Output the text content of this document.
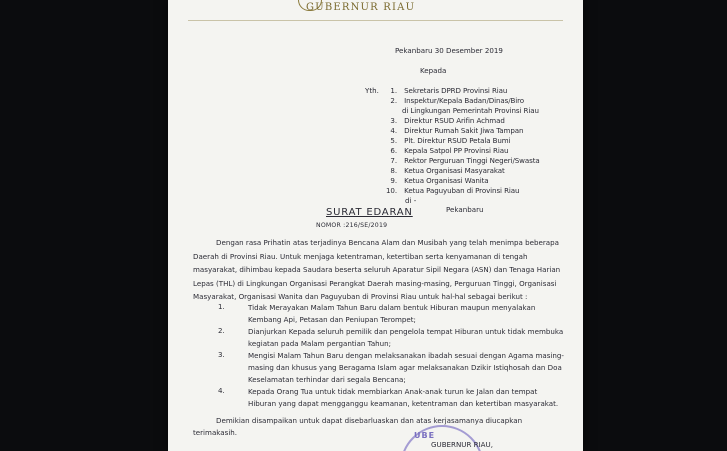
GUBERNUR RIAU
Pekanbaru 30 Desember 2019
Kepada
Yth.	1. Sekretaris DPRD Provinsi Riau
2. Inspektur/Kepala Badan/Dinas/Biro
di Lingkungan Pemerintah Provinsi Riau
3. Direktur RSUD Arifin Achmad
4. Direktur Rumah Sakit Jiwa Tampan
5. Plt. Direktur RSUD Petala Bumi
6. Kepala Satpol PP Provinsi Riau
7. Rektor Perguruan Tinggi Negeri/Swasta
8. Ketua Organisasi Masyarakat
9. Ketua Organisasi Wanita
10. Ketua Paguyuban di Provinsi Riau
di -
Pekanbaru
SURAT EDARAN
NOMOR :216/SE/2019
Dengan rasa Prihatin atas terjadinya Bencana Alam dan Musibah yang telah menimpa beberapa Daerah di Provinsi Riau. Untuk menjaga ketentraman, ketertiban serta kenyamanan di tengah masyarakat, dihimbau kepada Saudara beserta seluruh Aparatur Sipil Negara (ASN) dan Tenaga Harian Lepas (THL) di Lingkungan Organisasi Perangkat Daerah masing-masing, Perguruan Tinggi, Organisasi Masyarakat, Organisasi Wanita dan Paguyuban di Provinsi Riau untuk hal-hal sebagai berikut :
1.	Tidak Merayakan Malam Tahun Baru dalam bentuk Hiburan maupun menyalakan Kembang Api, Petasan dan Peniupan Terompet;
2.	Dianjurkan Kepada seluruh pemilik dan pengelola tempat Hiburan untuk tidak membuka kegiatan pada Malam pergantian Tahun;
3.	Mengisi Malam Tahun Baru dengan melaksanakan ibadah sesuai dengan Agama masing-masing dan khusus yang Beragama Islam agar melaksanakan Dzikir Istiqhosah dan Doa Keselamatan terhindar dari segala Bencana;
4.	Kepada Orang Tua untuk tidak membiarkan Anak-anak turun ke Jalan dan tempat Hiburan yang dapat mengganggu keamanan, ketentraman dan ketertiban masyarakat.
Demikian disampaikan untuk dapat disebarluaskan dan atas kerjasamanya diucapkan terimakasih.	UBE
GUBERNUR RIAU,
